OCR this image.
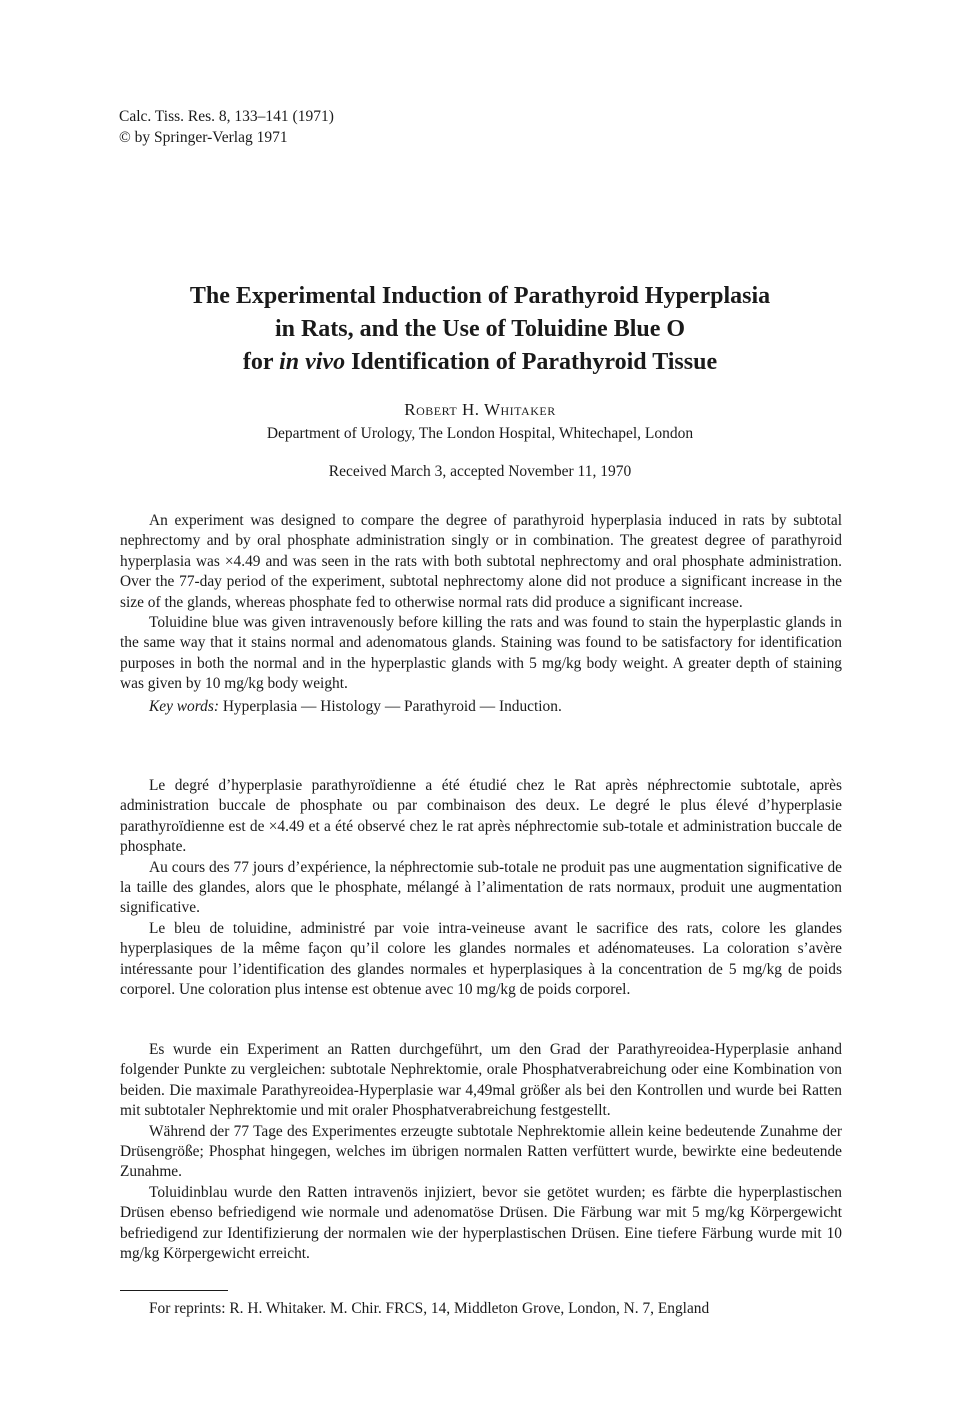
Calc. Tiss. Res. 8, 133–141 (1971)
© by Springer-Verlag 1971
The Experimental Induction of Parathyroid Hyperplasia
in Rats, and the Use of Toluidine Blue O
for in vivo Identification of Parathyroid Tissue
Robert H. Whitaker
Department of Urology, The London Hospital, Whitechapel, London
Received March 3, accepted November 11, 1970

An experiment was designed to compare the degree of parathyroid hyperplasia induced in rats by subtotal nephrectomy and by oral phosphate administration singly or in combination. The greatest degree of parathyroid hyperplasia was ×4.49 and was seen in the rats with both subtotal nephrectomy and oral phosphate administration. Over the 77-day period of the experiment, subtotal nephrectomy alone did not produce a significant increase in the size of the glands, whereas phosphate fed to otherwise normal rats did produce a significant increase.

Toluidine blue was given intravenously before killing the rats and was found to stain the hyperplastic glands in the same way that it stains normal and adenomatous glands. Staining was found to be satisfactory for identification purposes in both the normal and in the hyperplastic glands with 5 mg/kg body weight. A greater depth of staining was given by 10 mg/kg body weight.

Key words: Hyperplasia — Histology — Parathyroid — Induction.

Le degré d’hyperplasie parathyroïdienne a été étudié chez le Rat après néphrectomie subtotale, après administration buccale de phosphate ou par combinaison des deux. Le degré le plus élevé d’hyperplasie parathyroïdienne est de ×4.49 et a été observé chez le rat après néphrectomie sub-totale et administration buccale de phosphate.

Au cours des 77 jours d’expérience, la néphrectomie sub-totale ne produit pas une augmentation significative de la taille des glandes, alors que le phosphate, mélangé à l’alimentation de rats normaux, produit une augmentation significative.

Le bleu de toluidine, administré par voie intra-veineuse avant le sacrifice des rats, colore les glandes hyperplasiques de la même façon qu’il colore les glandes normales et adénomateuses. La coloration s’avère intéressante pour l’identification des glandes normales et hyperplasiques à la concentration de 5 mg/kg de poids corporel. Une coloration plus intense est obtenue avec 10 mg/kg de poids corporel.

Es wurde ein Experiment an Ratten durchgeführt, um den Grad der Parathyreoidea-Hyperplasie anhand folgender Punkte zu vergleichen: subtotale Nephrektomie, orale Phosphatverabreichung oder eine Kombination von beiden. Die maximale Parathyreoidea-Hyperplasie war 4,49mal größer als bei den Kontrollen und wurde bei Ratten mit subtotaler Nephrektomie und mit oraler Phosphatverabreichung festgestellt.

Während der 77 Tage des Experimentes erzeugte subtotale Nephrektomie allein keine bedeutende Zunahme der Drüsengröße; Phosphat hingegen, welches im übrigen normalen Ratten verfüttert wurde, bewirkte eine bedeutende Zunahme.

Toluidinblau wurde den Ratten intravenös injiziert, bevor sie getötet wurden; es färbte die hyperplastischen Drüsen ebenso befriedigend wie normale und adenomatöse Drüsen. Die Färbung war mit 5 mg/kg Körpergewicht befriedigend zur Identifizierung der normalen wie der hyperplastischen Drüsen. Eine tiefere Färbung wurde mit 10 mg/kg Körpergewicht erreicht.

For reprints: R. H. Whitaker. M. Chir. FRCS, 14, Middleton Grove, London, N. 7, England
